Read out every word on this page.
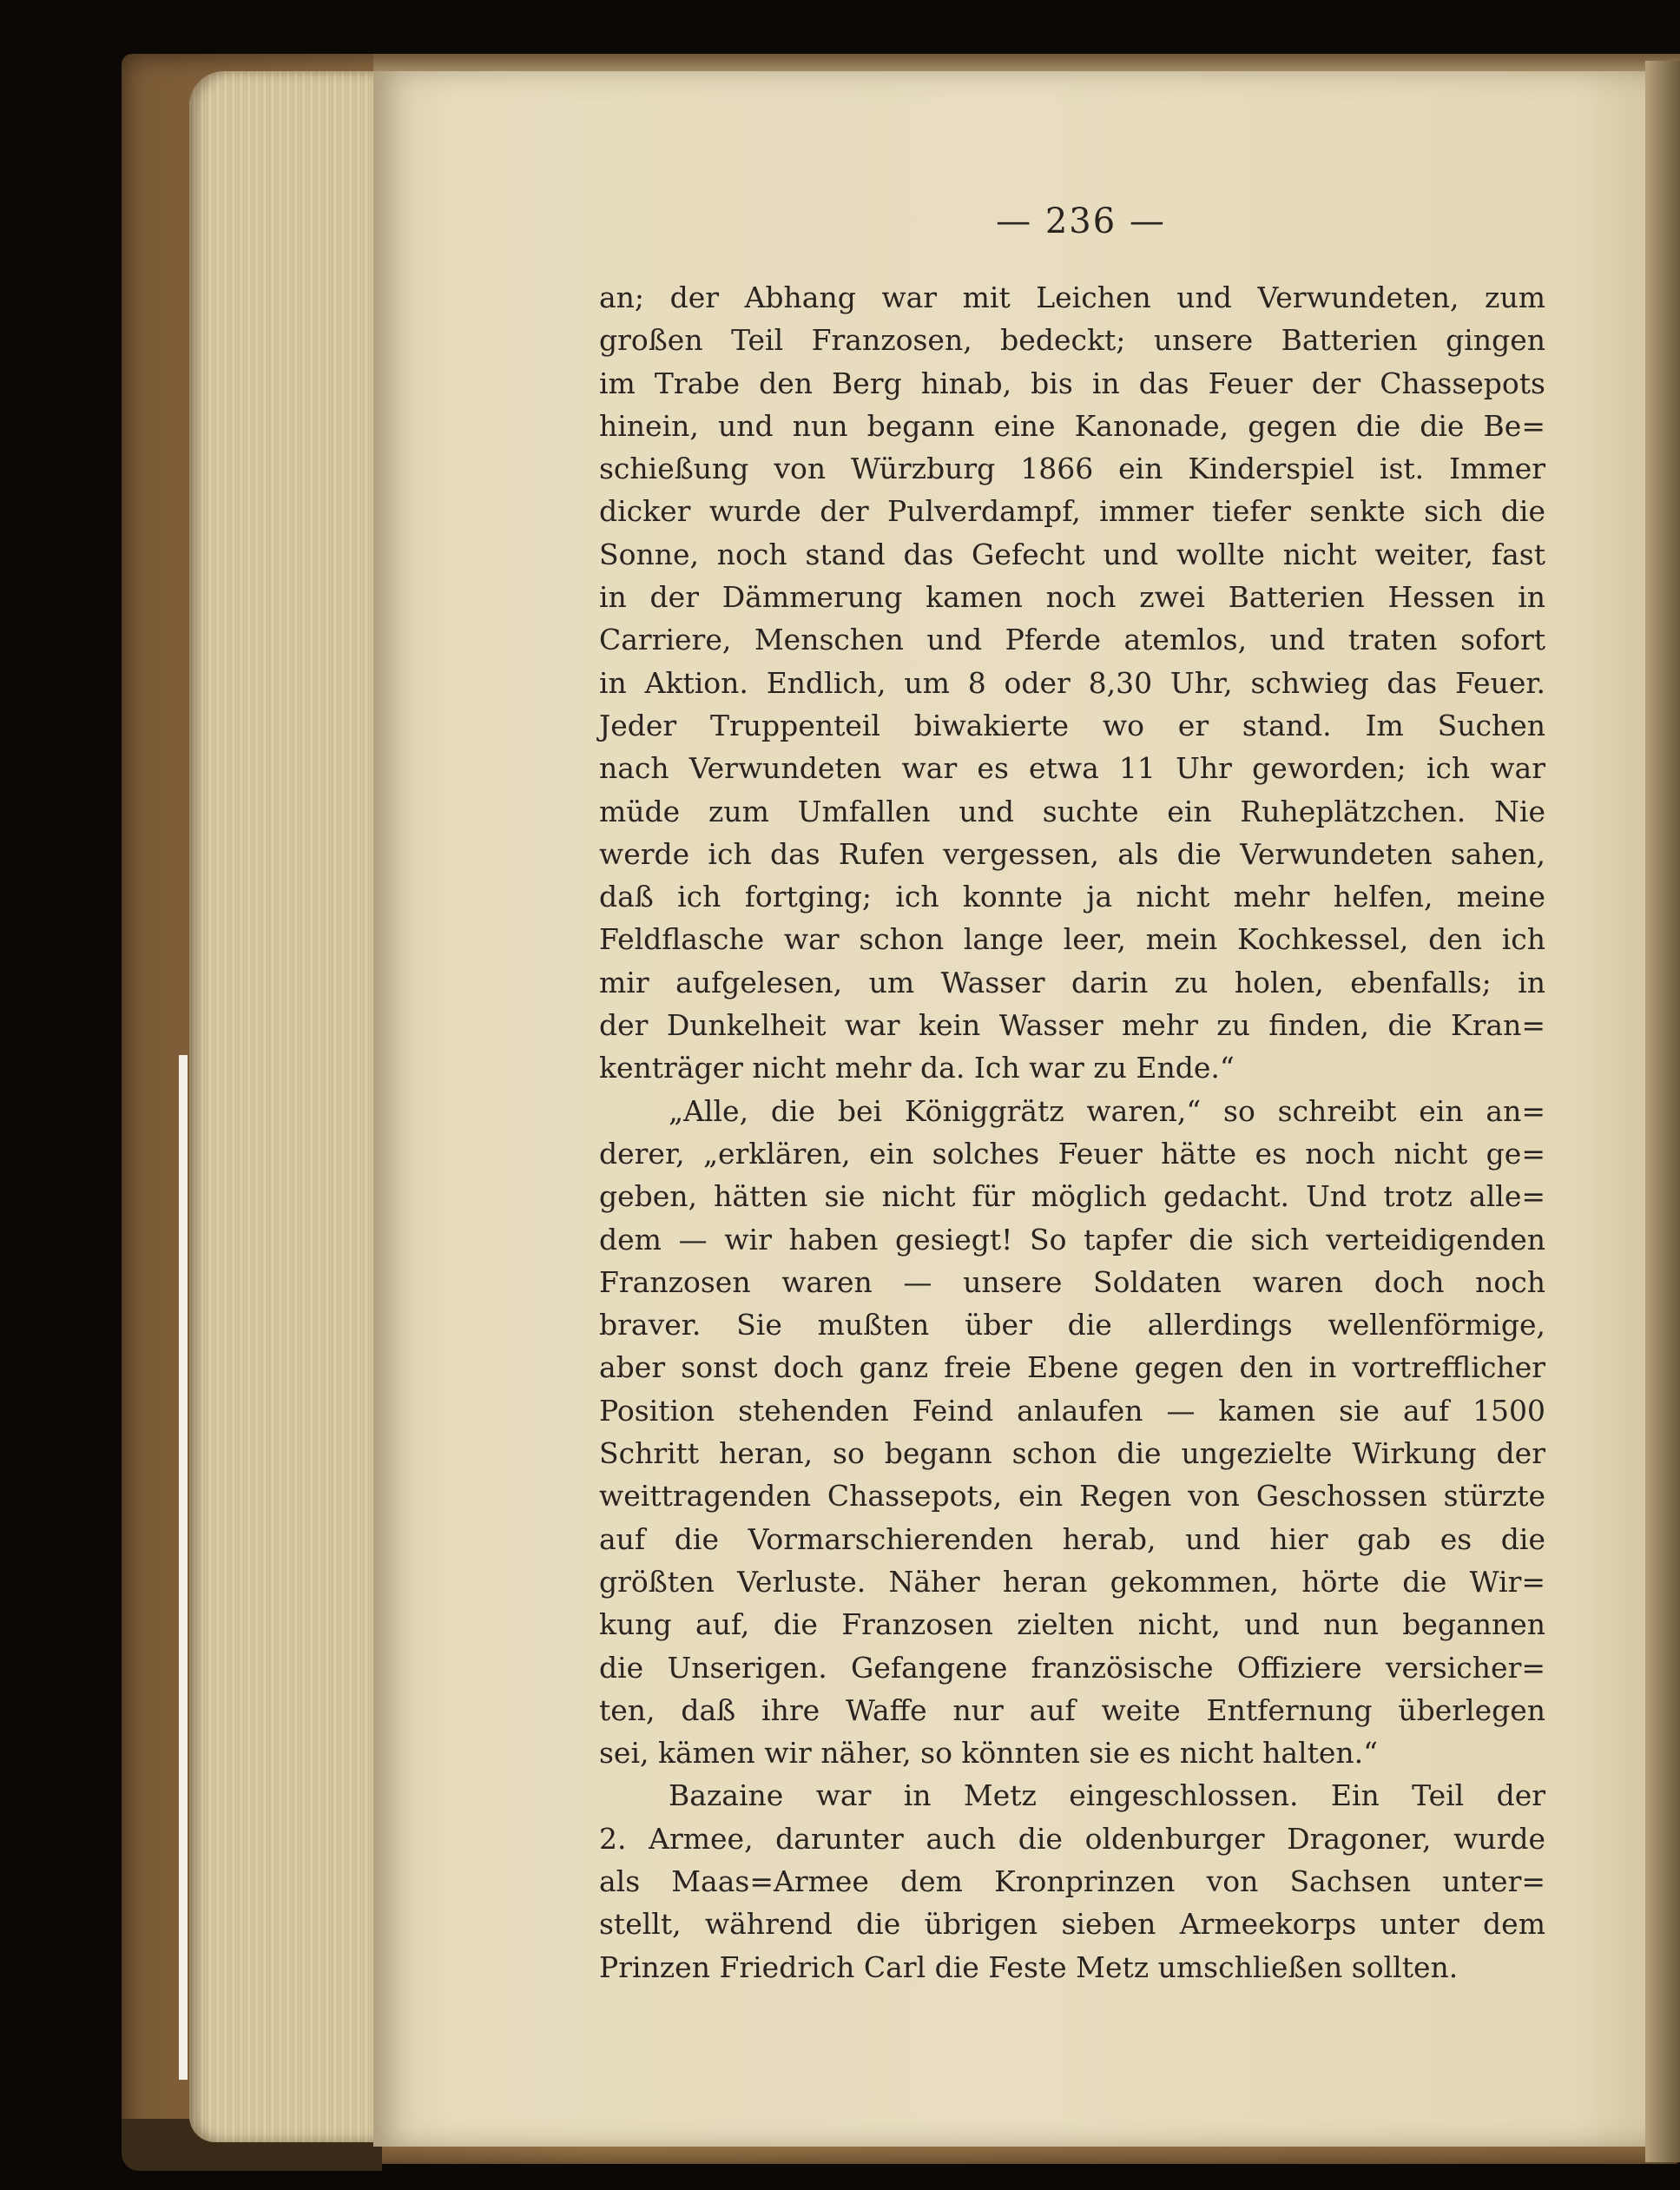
— 236 —
an; der Abhang war mit Leichen und Verwundeten, zum
großen Teil Franzosen, bedeckt; unsere Batterien gingen
im Trabe den Berg hinab, bis in das Feuer der Chassepots
hinein, und nun begann eine Kanonade, gegen die die Be=
schießung von Würzburg 1866 ein Kinderspiel ist. Immer
dicker wurde der Pulverdampf, immer tiefer senkte sich die
Sonne, noch stand das Gefecht und wollte nicht weiter, fast
in der Dämmerung kamen noch zwei Batterien Hessen in
Carriere, Menschen und Pferde atemlos, und traten sofort
in Aktion. Endlich, um 8 oder 8,30 Uhr, schwieg das Feuer.
Jeder Truppenteil biwakierte wo er stand. Im Suchen
nach Verwundeten war es etwa 11 Uhr geworden; ich war
müde zum Umfallen und suchte ein Ruheplätzchen. Nie
werde ich das Rufen vergessen, als die Verwundeten sahen,
daß ich fortging; ich konnte ja nicht mehr helfen, meine
Feldflasche war schon lange leer, mein Kochkessel, den ich
mir aufgelesen, um Wasser darin zu holen, ebenfalls; in
der Dunkelheit war kein Wasser mehr zu finden, die Kran=
kenträger nicht mehr da. Ich war zu Ende.“
„Alle, die bei Königgrätz waren,“ so schreibt ein an=
derer, „erklären, ein solches Feuer hätte es noch nicht ge=
geben, hätten sie nicht für möglich gedacht. Und trotz alle=
dem — wir haben gesiegt! So tapfer die sich verteidigenden
Franzosen waren — unsere Soldaten waren doch noch
braver. Sie mußten über die allerdings wellenförmige,
aber sonst doch ganz freie Ebene gegen den in vortrefflicher
Position stehenden Feind anlaufen — kamen sie auf 1500
Schritt heran, so begann schon die ungezielte Wirkung der
weittragenden Chassepots, ein Regen von Geschossen stürzte
auf die Vormarschierenden herab, und hier gab es die
größten Verluste. Näher heran gekommen, hörte die Wir=
kung auf, die Franzosen zielten nicht, und nun begannen
die Unserigen. Gefangene französische Offiziere versicher=
ten, daß ihre Waffe nur auf weite Entfernung überlegen
sei, kämen wir näher, so könnten sie es nicht halten.“
Bazaine war in Metz eingeschlossen. Ein Teil der
2. Armee, darunter auch die oldenburger Dragoner, wurde
als Maas=Armee dem Kronprinzen von Sachsen unter=
stellt, während die übrigen sieben Armeekorps unter dem
Prinzen Friedrich Carl die Feste Metz umschließen sollten.
